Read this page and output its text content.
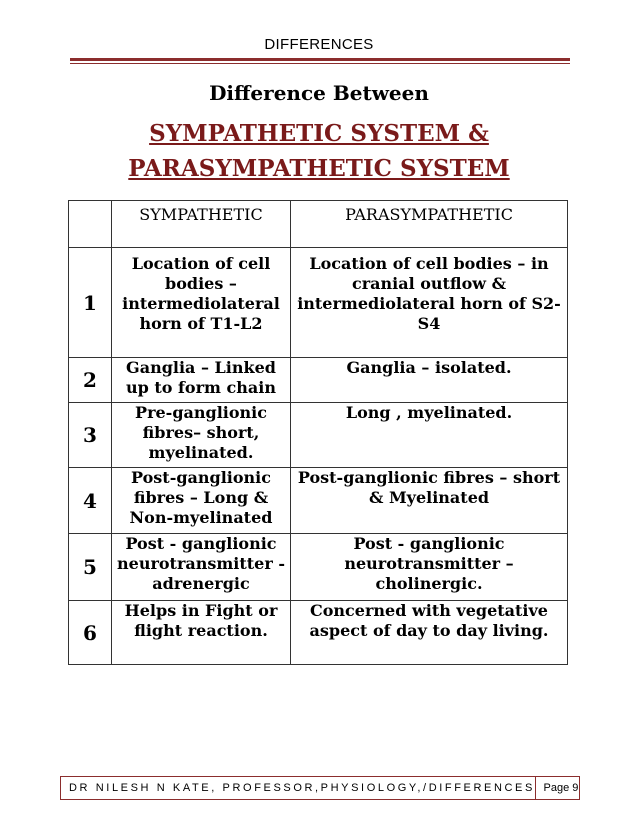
DIFFERENCES
Difference Between
SYMPATHETIC SYSTEM &
PARASYMPATHETIC SYSTEM
	SYMPATHETIC	PARASYMPATHETIC
1	Location of cell bodies – intermediolateral horn of T1-L2	Location of cell bodies – in cranial outflow & intermediolateral horn of S2-S4
2	Ganglia – Linked up to form chain	Ganglia – isolated.
3	Pre-ganglionic fibres– short, myelinated.	Long , myelinated.
4	Post-ganglionic fibres – Long & Non-myelinated	Post-ganglionic fibres – short & Myelinated
5	Post - ganglionic neurotransmitter - adrenergic	Post - ganglionic neurotransmitter – cholinergic.
6	Helps in Fight or flight reaction.	Concerned with vegetative aspect of day to day living.
DR NILESH N KATE, PROFESSOR,PHYSIOLOGY,/DIFFERENCES Page 9
